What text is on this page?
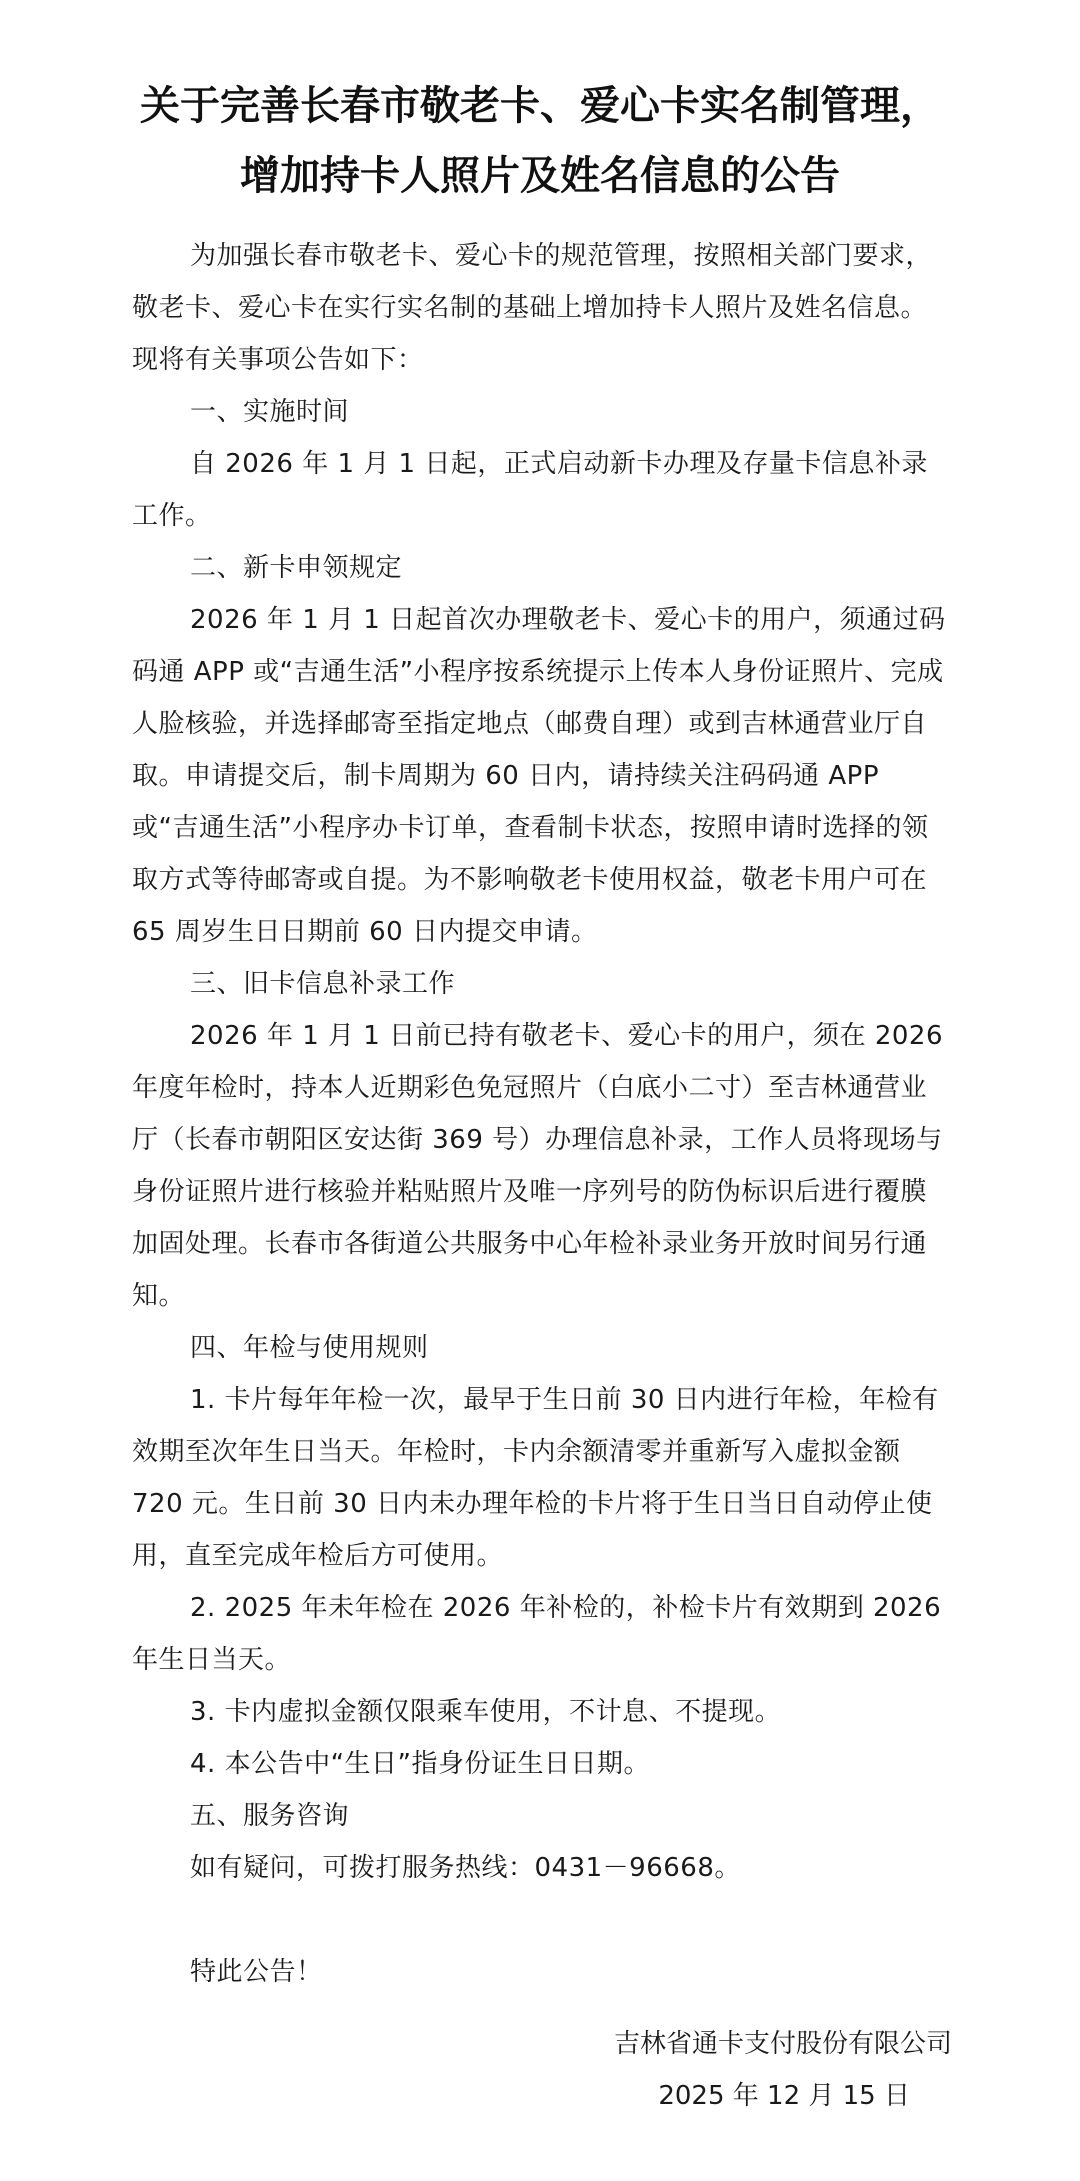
关于完善长春市敬老卡、爱心卡实名制管理，
增加持卡人照片及姓名信息的公告

为加强长春市敬老卡、爱心卡的规范管理，按照相关部门要求，敬老卡、爱心卡在实行实名制的基础上增加持卡人照片及姓名信息。现将有关事项公告如下：

一、实施时间

自 2026 年 1 月 1 日起，正式启动新卡办理及存量卡信息补录工作。

二、新卡申领规定

2026 年 1 月 1 日起首次办理敬老卡、爱心卡的用户，须通过码码通 APP 或“吉通生活”小程序按系统提示上传本人身份证照片、完成人脸核验，并选择邮寄至指定地点（邮费自理）或到吉林通营业厅自取。申请提交后，制卡周期为 60 日内，请持续关注码码通 APP 或“吉通生活”小程序办卡订单，查看制卡状态，按照申请时选择的领取方式等待邮寄或自提。为不影响敬老卡使用权益，敬老卡用户可在 65 周岁生日日期前 60 日内提交申请。

三、旧卡信息补录工作

2026 年 1 月 1 日前已持有敬老卡、爱心卡的用户，须在 2026 年度年检时，持本人近期彩色免冠照片（白底小二寸）至吉林通营业厅（长春市朝阳区安达街 369 号）办理信息补录，工作人员将现场与身份证照片进行核验并粘贴照片及唯一序列号的防伪标识后进行覆膜加固处理。长春市各街道公共服务中心年检补录业务开放时间另行通知。

四、年检与使用规则

1. 卡片每年年检一次，最早于生日前 30 日内进行年检，年检有效期至次年生日当天。年检时，卡内余额清零并重新写入虚拟金额 720 元。生日前 30 日内未办理年检的卡片将于生日当日自动停止使用，直至完成年检后方可使用。

2. 2025 年未年检在 2026 年补检的，补检卡片有效期到 2026 年生日当天。

3. 卡内虚拟金额仅限乘车使用，不计息、不提现。

4. 本公告中“生日”指身份证生日日期。

五、服务咨询

如有疑问，可拨打服务热线：0431－96668。

特此公告！

吉林省通卡支付股份有限公司
2025 年 12 月 15 日
